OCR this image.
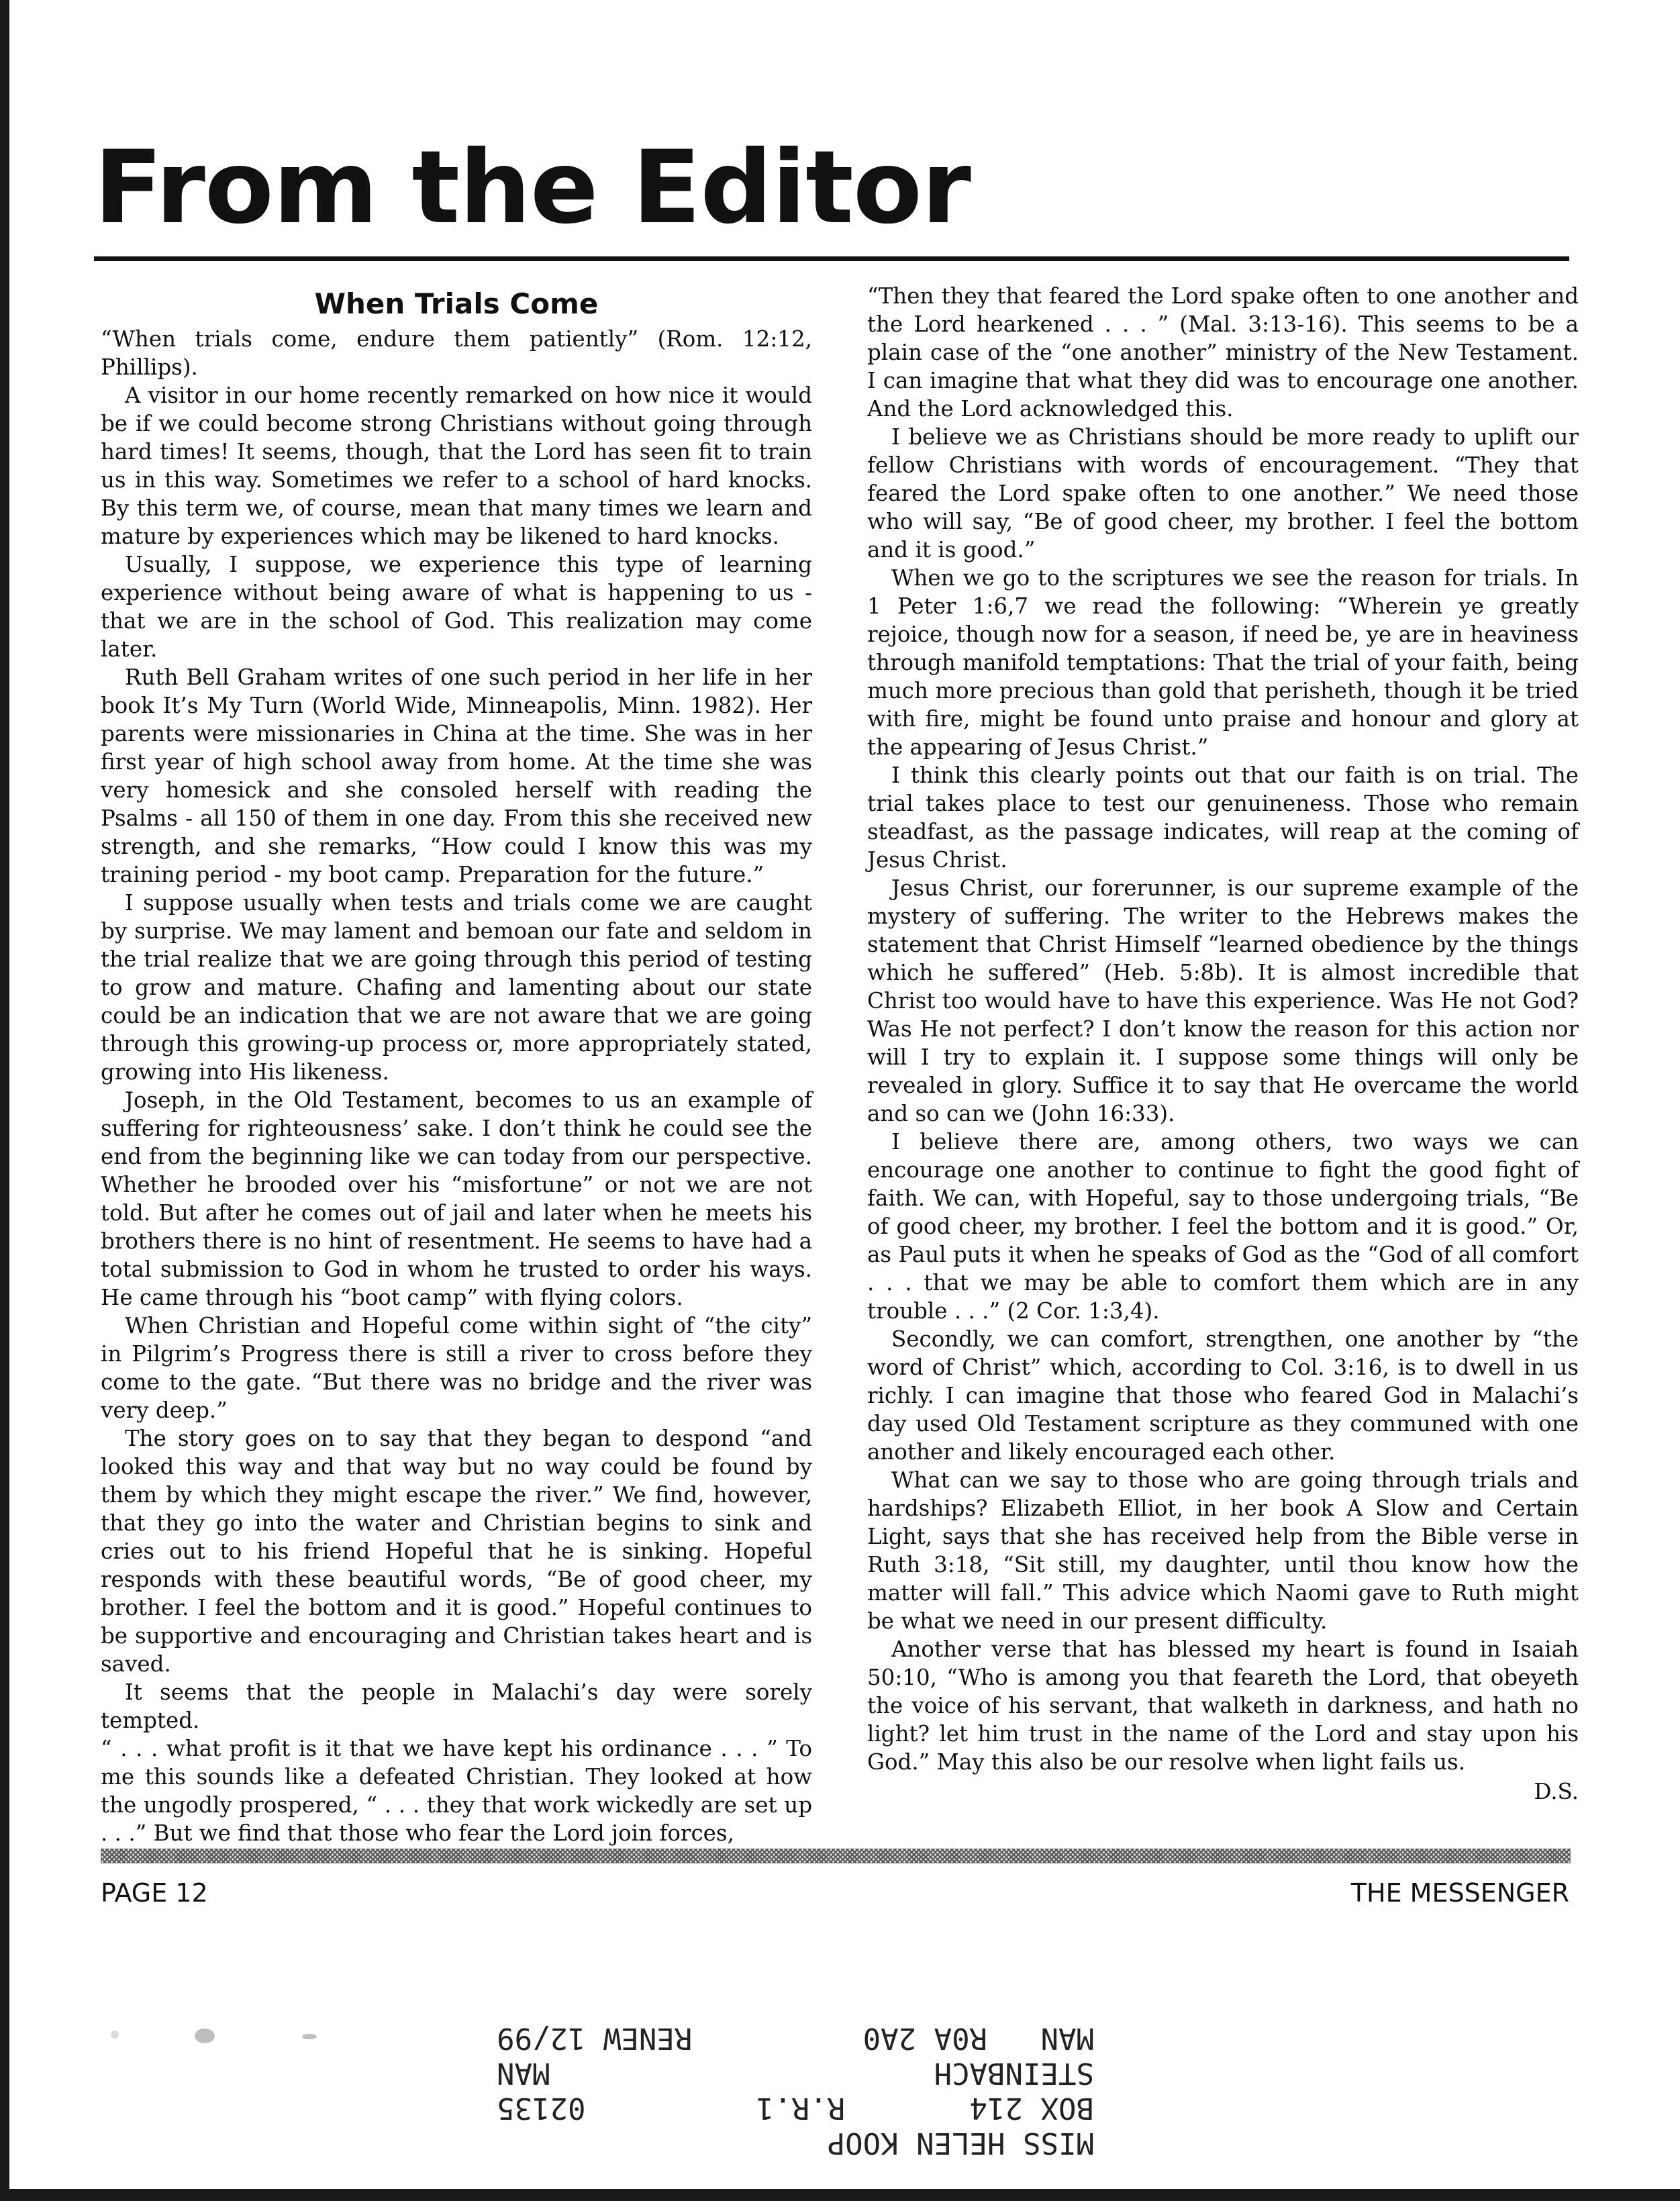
From the Editor
When Trials Come

“When trials come, endure them patiently” (Rom. 12:12, Phillips).

A visitor in our home recently remarked on how nice it would be if we could become strong Christians without going through hard times! It seems, though, that the Lord has seen fit to train us in this way. Sometimes we refer to a school of hard knocks. By this term we, of course, mean that many times we learn and mature by experiences which may be likened to hard knocks.

Usually, I suppose, we experience this type of learning experience without being aware of what is happening to us - that we are in the school of God. This realization may come later.

Ruth Bell Graham writes of one such period in her life in her book It’s My Turn (World Wide, Minneapolis, Minn. 1982). Her parents were missionaries in China at the time. She was in her first year of high school away from home. At the time she was very homesick and she consoled herself with reading the Psalms - all 150 of them in one day. From this she received new strength, and she remarks, “How could I know this was my training period - my boot camp. Preparation for the future.”

I suppose usually when tests and trials come we are caught by surprise. We may lament and bemoan our fate and seldom in the trial realize that we are going through this period of testing to grow and mature. Chafing and lamenting about our state could be an indication that we are not aware that we are going through this growing-up process or, more appropriately stated, growing into His likeness.

Joseph, in the Old Testament, becomes to us an example of suffering for righteousness’ sake. I don’t think he could see the end from the beginning like we can today from our perspective. Whether he brooded over his “misfortune” or not we are not told. But after he comes out of jail and later when he meets his brothers there is no hint of resentment. He seems to have had a total submission to God in whom he trusted to order his ways. He came through his “boot camp” with flying colors.

When Christian and Hopeful come within sight of “the city” in Pilgrim’s Progress there is still a river to cross before they come to the gate. “But there was no bridge and the river was very deep.”

The story goes on to say that they began to despond “and looked this way and that way but no way could be found by them by which they might escape the river.” We find, however, that they go into the water and Christian begins to sink and cries out to his friend Hopeful that he is sinking. Hopeful responds with these beautiful words, “Be of good cheer, my brother. I feel the bottom and it is good.” Hopeful continues to be supportive and encouraging and Christian takes heart and is saved.

It seems that the people in Malachi’s day were sorely tempted.

“ . . . what profit is it that we have kept his ordinance . . . ” To me this sounds like a defeated Christian. They looked at how the ungodly prospered, “ . . . they that work wickedly are set up . . .” But we find that those who fear the Lord join forces,

“Then they that feared the Lord spake often to one another and the Lord hearkened . . . ” (Mal. 3:13-16). This seems to be a plain case of the “one another” ministry of the New Testament. I can imagine that what they did was to encourage one another. And the Lord acknowledged this.

I believe we as Christians should be more ready to uplift our fellow Christians with words of encouragement. “They that feared the Lord spake often to one another.” We need those who will say, “Be of good cheer, my brother. I feel the bottom and it is good.”

When we go to the scriptures we see the reason for trials. In 1 Peter 1:6,7 we read the following: “Wherein ye greatly rejoice, though now for a season, if need be, ye are in heaviness through manifold temptations: That the trial of your faith, being much more precious than gold that perisheth, though it be tried with fire, might be found unto praise and honour and glory at the appearing of Jesus Christ.”

I think this clearly points out that our faith is on trial. The trial takes place to test our genuineness. Those who remain steadfast, as the passage indicates, will reap at the coming of Jesus Christ.

Jesus Christ, our forerunner, is our supreme example of the mystery of suffering. The writer to the Hebrews makes the statement that Christ Himself “learned obedience by the things which he suffered” (Heb. 5:8b). It is almost incredible that Christ too would have to have this experience. Was He not God? Was He not perfect? I don’t know the reason for this action nor will I try to explain it. I suppose some things will only be revealed in glory. Suffice it to say that He overcame the world and so can we (John 16:33).

I believe there are, among others, two ways we can encourage one another to continue to fight the good fight of faith. We can, with Hopeful, say to those undergoing trials, “Be of good cheer, my brother. I feel the bottom and it is good.” Or, as Paul puts it when he speaks of God as the “God of all comfort . . . that we may be able to comfort them which are in any trouble . . .” (2 Cor. 1:3,4).

Secondly, we can comfort, strengthen, one another by “the word of Christ” which, according to Col. 3:16, is to dwell in us richly. I can imagine that those who feared God in Malachi’s day used Old Testament scripture as they communed with one another and likely encouraged each other.

What can we say to those who are going through trials and hardships? Elizabeth Elliot, in her book A Slow and Certain Light, says that she has received help from the Bible verse in Ruth 3:18, “Sit still, my daughter, until thou know how the matter will fall.” This advice which Naomi gave to Ruth might be what we need in our present difficulty.

Another verse that has blessed my heart is found in Isaiah 50:10, “Who is among you that feareth the Lord, that obeyeth the voice of his servant, that walketh in darkness, and hath no light? let him trust in the name of the Lord and stay upon his God.” May this also be our resolve when light fails us.

D.S.
PAGE 12	THE MESSENGER
MISS HELEN KOOP
BOX 214       R.R.1
STEINBACH
MAN   R0A 2A0
02135
MAN
RENEW 12/99
